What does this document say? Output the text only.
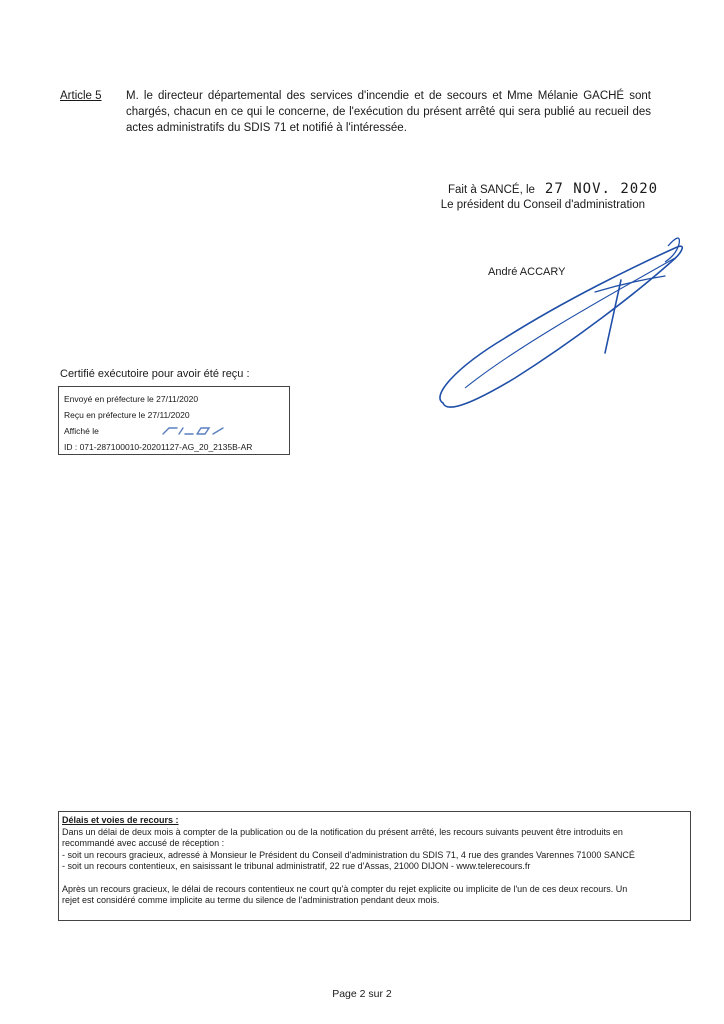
Article 5 M. le directeur départemental des services d'incendie et de secours et Mme Mélanie GACHÉ sont chargés, chacun en ce qui le concerne, de l'exécution du présent arrêté qui sera publié au recueil des actes administratifs du SDIS 71 et notifié à l'intéressée.
Fait à SANCÉ, le 27 NOV. 2020
Le président du Conseil d'administration
André ACCARY
Certifié exécutoire pour avoir été reçu :
Envoyé en préfecture le 27/11/2020
Reçu en préfecture le 27/11/2020
Affiché le
ID : 071-287100010-20201127-AG_20_2135B-AR
Délais et voies de recours :
Dans un délai de deux mois à compter de la publication ou de la notification du présent arrêté, les recours suivants peuvent être introduits en
recommandé avec accusé de réception :
- soit un recours gracieux, adressé à Monsieur le Président du Conseil d'administration du SDIS 71, 4 rue des grandes Varennes 71000 SANCÉ
- soit un recours contentieux, en saisissant le tribunal administratif, 22 rue d'Assas, 21000 DIJON - www.telerecours.fr
Après un recours gracieux, le délai de recours contentieux ne court qu'à compter du rejet explicite ou implicite de l'un de ces deux recours. Un
rejet est considéré comme implicite au terme du silence de l'administration pendant deux mois.
Page 2 sur 2
